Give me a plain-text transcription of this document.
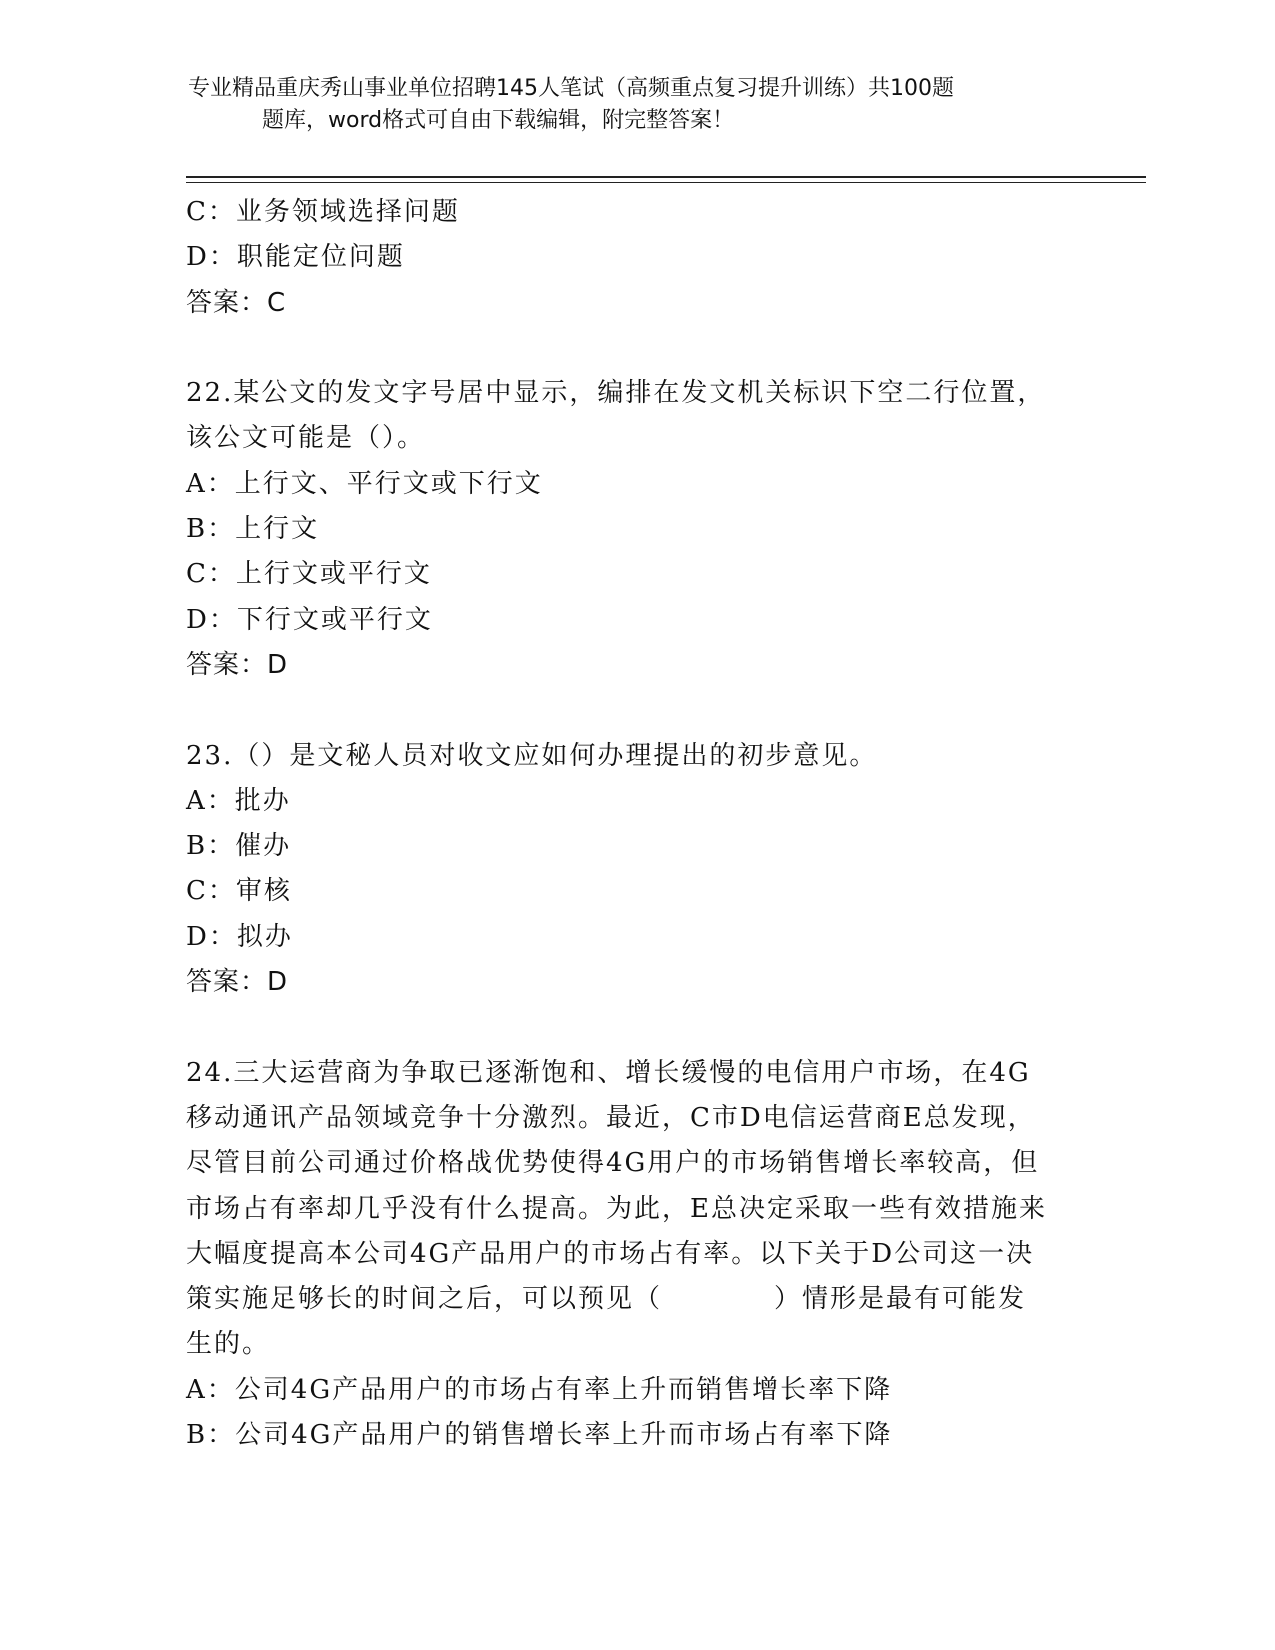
专业精品重庆秀山事业单位招聘145人笔试（高频重点复习提升训练）共100题
题库，word格式可自由下载编辑，附完整答案！
C：业务领域选择问题
D：职能定位问题
答案：C
22.某公文的发文字号居中显示，编排在发文机关标识下空二行位置，
该公文可能是（）。
A：上行文、平行文或下行文
B：上行文
C：上行文或平行文
D：下行文或平行文
答案：D
23.（）是文秘人员对收文应如何办理提出的初步意见。
A：批办
B：催办
C：审核
D：拟办
答案：D
24.三大运营商为争取已逐渐饱和、增长缓慢的电信用户市场，在4G
移动通讯产品领域竞争十分激烈。最近，C市D电信运营商E总发现，
尽管目前公司通过价格战优势使得4G用户的市场销售增长率较高，但
市场占有率却几乎没有什么提高。为此，E总决定采取一些有效措施来
大幅度提高本公司4G产品用户的市场占有率。以下关于D公司这一决
策实施足够长的时间之后，可以预见（　　　　）情形是最有可能发
生的。
A：公司4G产品用户的市场占有率上升而销售增长率下降
B：公司4G产品用户的销售增长率上升而市场占有率下降
